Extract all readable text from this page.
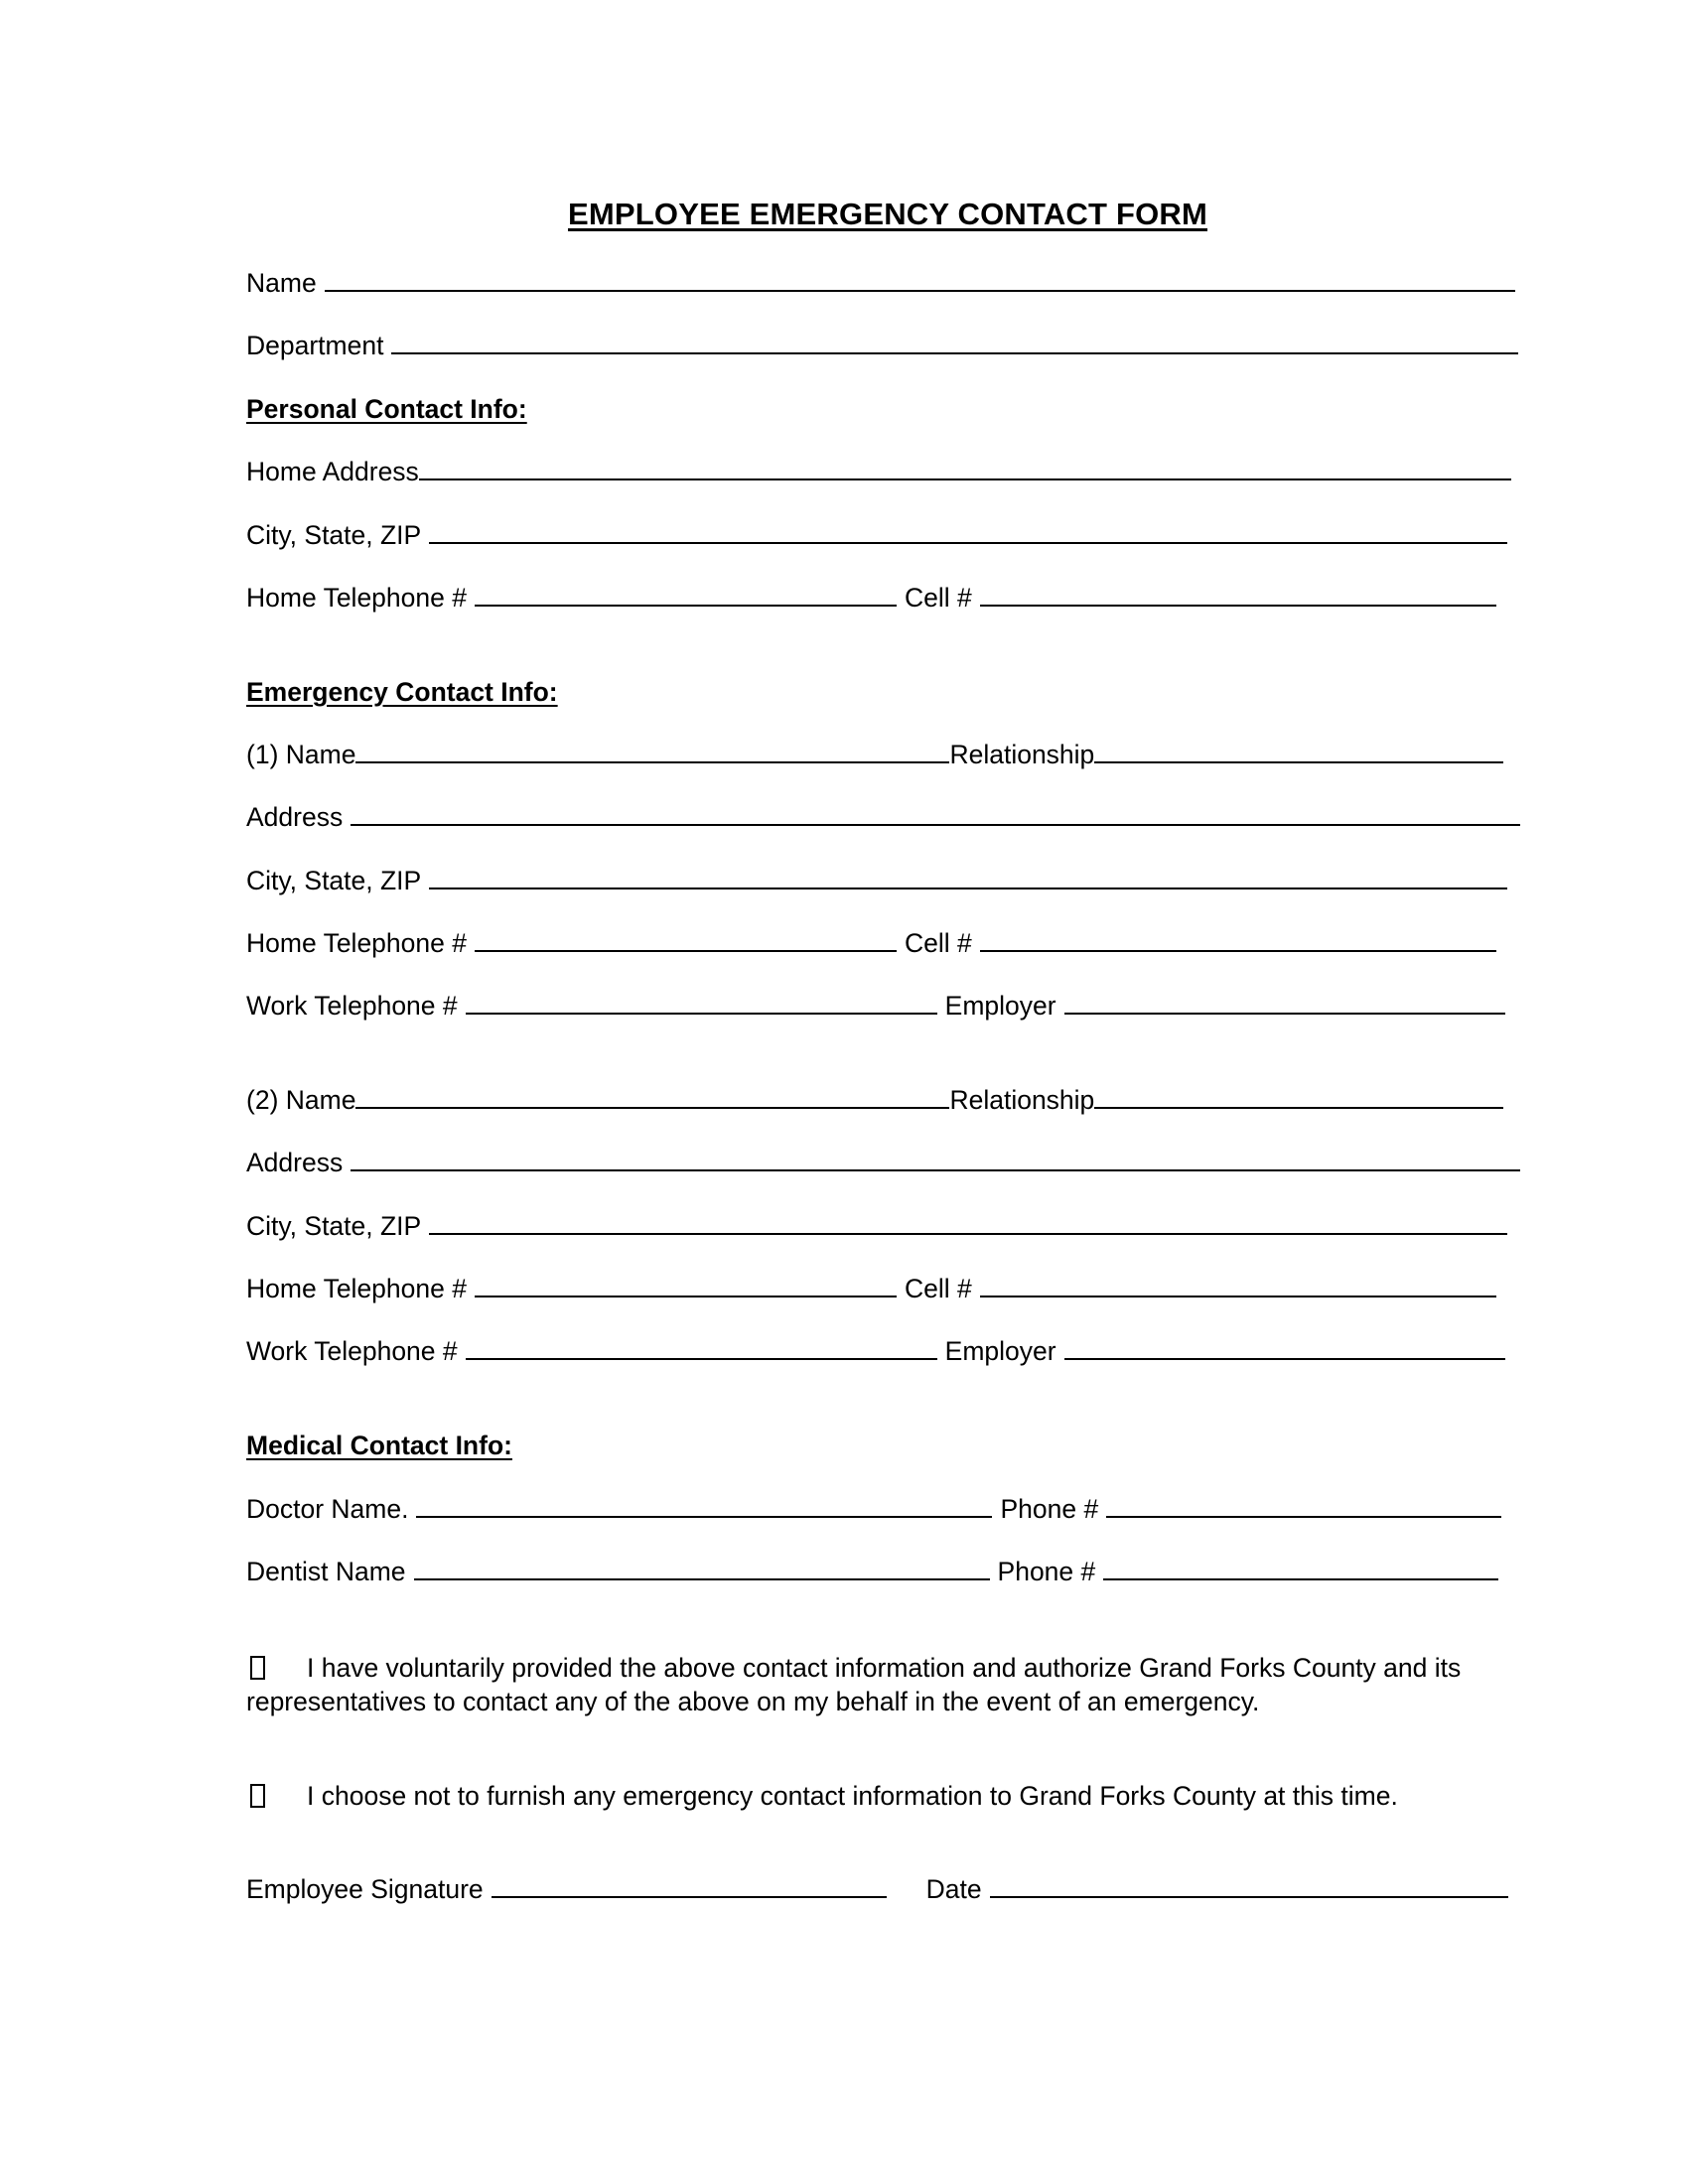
EMPLOYEE EMERGENCY CONTACT FORM
Name
Department
Personal Contact Info:
Home Address
City, State, ZIP
Home Telephone #	Cell #
Emergency Contact Info:
(1) Name	Relationship
Address
City, State, ZIP
Home Telephone #	Cell #
Work Telephone #	Employer
(2) Name	Relationship
Address
City, State, ZIP
Home Telephone #	Cell #
Work Telephone #	Employer
Medical Contact Info:
Doctor Name.	Phone #
Dentist Name	Phone #
I have voluntarily provided the above contact information and authorize Grand Forks County and its representatives to contact any of the above on my behalf in the event of an emergency.
I choose not to furnish any emergency contact information to Grand Forks County at this time.
Employee Signature	Date
